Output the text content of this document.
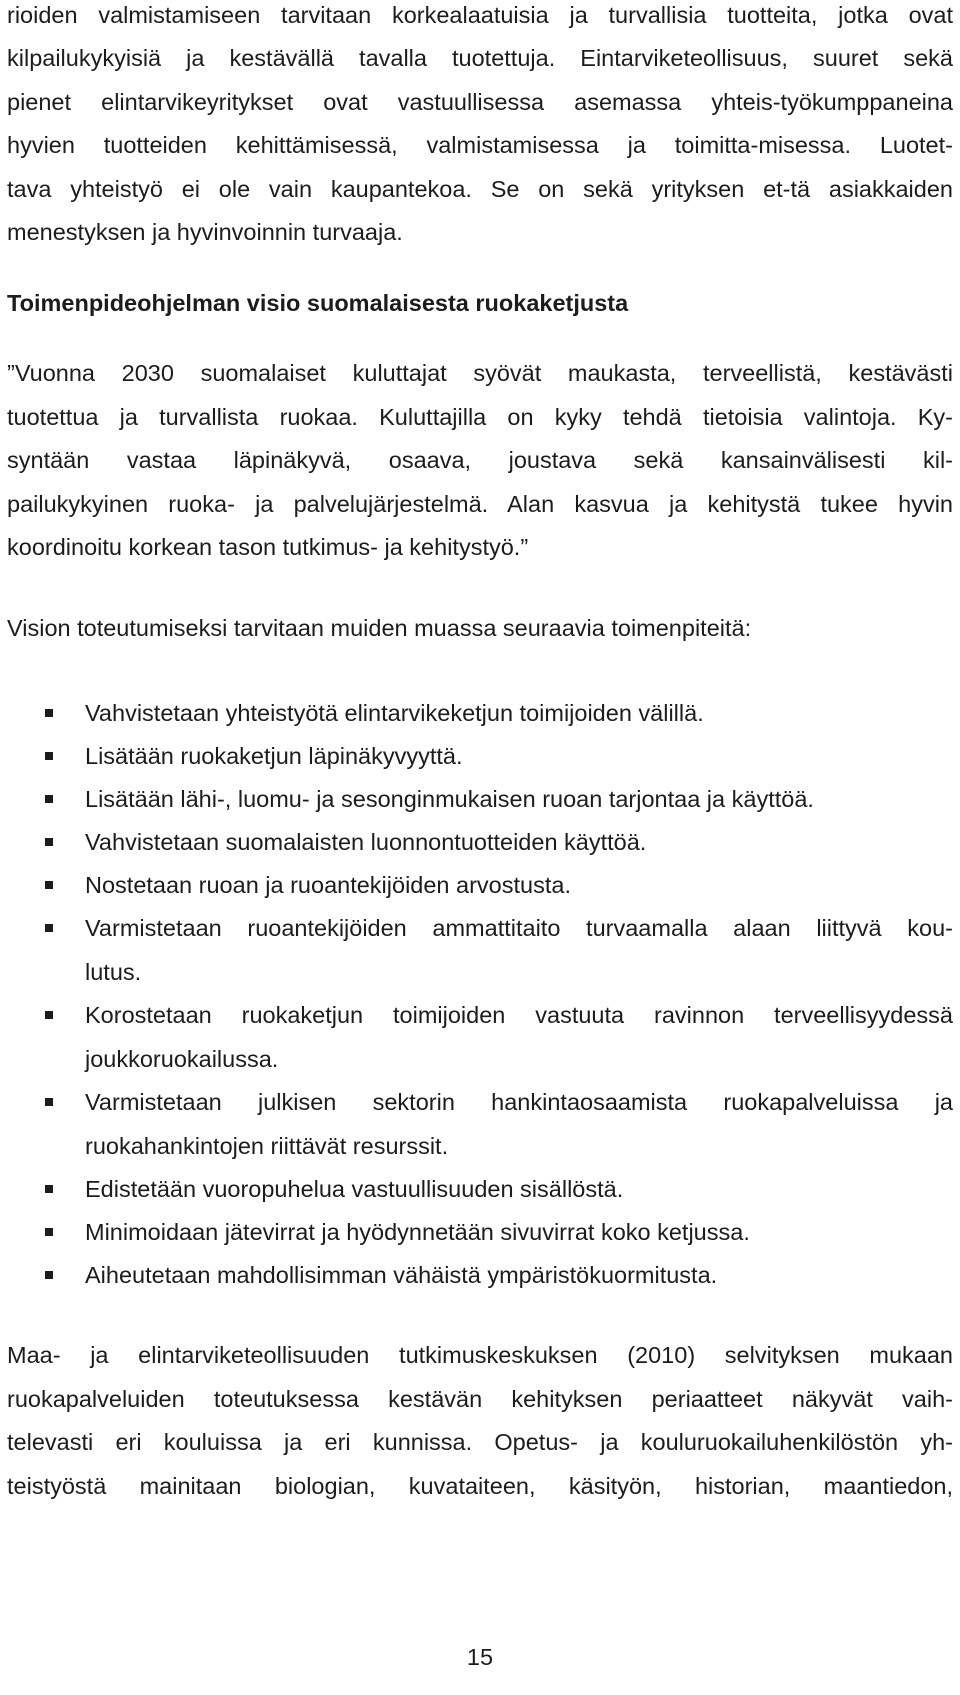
rioiden valmistamiseen tarvitaan korkealaatuisia ja turvallisia tuotteita, jotka ovat
kilpailukykyisiä ja kestävällä tavalla tuotettuja. Eintarviketeollisuus, suuret sekä
pienet elintarvikeyritykset ovat vastuullisessa asemassa yhteis-työkumppaneina
hyvien tuotteiden kehittämisessä, valmistamisessa ja toimitta-misessa. Luotet-
tava yhteistyö ei ole vain kaupantekoa. Se on sekä yrityksen et-tä asiakkaiden
menestyksen ja hyvinvoinnin turvaaja.
Toimenpideohjelman visio suomalaisesta ruokaketjusta
”Vuonna 2030 suomalaiset kuluttajat syövät maukasta, terveellistä, kestävästi
tuotettua ja turvallista ruokaa. Kuluttajilla on kyky tehdä tietoisia valintoja. Ky-
syntään vastaa läpinäkyvä, osaava, joustava sekä kansainvälisesti kil-
pailukykyinen ruoka- ja palvelujärjestelmä. Alan kasvua ja kehitystä tukee hyvin
koordinoitu korkean tason tutkimus- ja kehitystyö.”
Vision toteutumiseksi tarvitaan muiden muassa seuraavia toimenpiteitä:
Vahvistetaan yhteistyötä elintarvikeketjun toimijoiden välillä.
Lisätään ruokaketjun läpinäkyvyyttä.
Lisätään lähi-, luomu- ja sesonginmukaisen ruoan tarjontaa ja käyttöä.
Vahvistetaan suomalaisten luonnontuotteiden käyttöä.
Nostetaan ruoan ja ruoantekijöiden arvostusta.
Varmistetaan ruoantekijöiden ammattitaito turvaamalla alaan liittyvä kou-
lutus.
Korostetaan ruokaketjun toimijoiden vastuuta ravinnon terveellisyydessä
joukkoruokailussa.
Varmistetaan julkisen sektorin hankintaosaamista ruokapalveluissa ja
ruokahankintojen riittävät resurssit.
Edistetään vuoropuhelua vastuullisuuden sisällöstä.
Minimoidaan jätevirrat ja hyödynnetään sivuvirrat koko ketjussa.
Aiheutetaan mahdollisimman vähäistä ympäristökuormitusta.
Maa- ja elintarviketeollisuuden tutkimuskeskuksen (2010) selvityksen mukaan
ruokapalveluiden toteutuksessa kestävän kehityksen periaatteet näkyvät vaih-
televasti eri kouluissa ja eri kunnissa. Opetus- ja kouluruokailuhenkilöstön yh-
teistyöstä mainitaan biologian, kuvataiteen, käsityön, historian, maantiedon,
15
